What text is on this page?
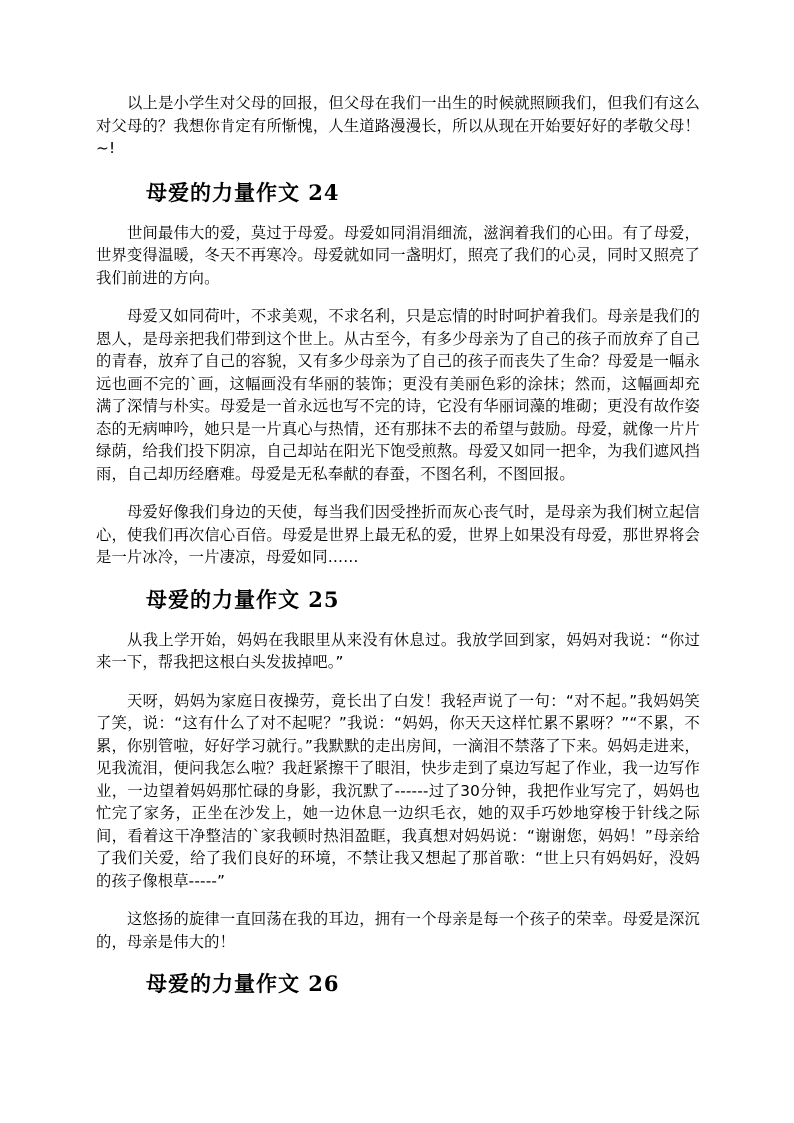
以上是小学生对父母的回报，但父母在我们一出生的时候就照顾我们，但我们有这么对父母的？我想你肯定有所惭愧，人生道路漫漫长，所以从现在开始要好好的孝敬父母！~!

母爱的力量作文 24

世间最伟大的爱，莫过于母爱。母爱如同涓涓细流，滋润着我们的心田。有了母爱，世界变得温暖，冬天不再寒冷。母爱就如同一盏明灯，照亮了我们的心灵，同时又照亮了我们前进的方向。

母爱又如同荷叶，不求美观，不求名利，只是忘情的时时呵护着我们。母亲是我们的恩人，是母亲把我们带到这个世上。从古至今，有多少母亲为了自己的孩子而放弃了自己的青春，放弃了自己的容貌，又有多少母亲为了自己的孩子而丧失了生命？母爱是一幅永远也画不完的`画，这幅画没有华丽的装饰；更没有美丽色彩的涂抹；然而，这幅画却充满了深情与朴实。母爱是一首永远也写不完的诗，它没有华丽词藻的堆砌；更没有故作姿态的无病呻吟，她只是一片真心与热情，还有那抹不去的希望与鼓励。母爱，就像一片片绿荫，给我们投下阴凉，自己却站在阳光下饱受煎熬。母爱又如同一把伞，为我们遮风挡雨，自己却历经磨难。母爱是无私奉献的春蚕，不图名利，不图回报。

母爱好像我们身边的天使，每当我们因受挫折而灰心丧气时，是母亲为我们树立起信心，使我们再次信心百倍。母爱是世界上最无私的爱，世界上如果没有母爱，那世界将会是一片冰冷，一片凄凉，母爱如同……

母爱的力量作文 25

从我上学开始，妈妈在我眼里从来没有休息过。我放学回到家，妈妈对我说：“你过来一下，帮我把这根白头发拔掉吧。”

天呀，妈妈为家庭日夜操劳，竟长出了白发！我轻声说了一句：“对不起。”我妈妈笑了笑，说：“这有什么了对不起呢？”我说：“妈妈，你天天这样忙累不累呀？”“不累，不累，你别管啦，好好学习就行。”我默默的走出房间，一滴泪不禁落了下来。妈妈走进来，见我流泪，便问我怎么啦？我赶紧擦干了眼泪，快步走到了桌边写起了作业，我一边写作业，一边望着妈妈那忙碌的身影，我沉默了------过了30分钟，我把作业写完了，妈妈也忙完了家务，正坐在沙发上，她一边休息一边织毛衣，她的双手巧妙地穿梭于针线之际间，看着这干净整洁的`家我顿时热泪盈眶，我真想对妈妈说：“谢谢您，妈妈！”母亲给了我们关爱，给了我们良好的环境，不禁让我又想起了那首歌：“世上只有妈妈好，没妈的孩子像根草-----”

这悠扬的旋律一直回荡在我的耳边，拥有一个母亲是每一个孩子的荣幸。母爱是深沉的，母亲是伟大的！

母爱的力量作文 26
